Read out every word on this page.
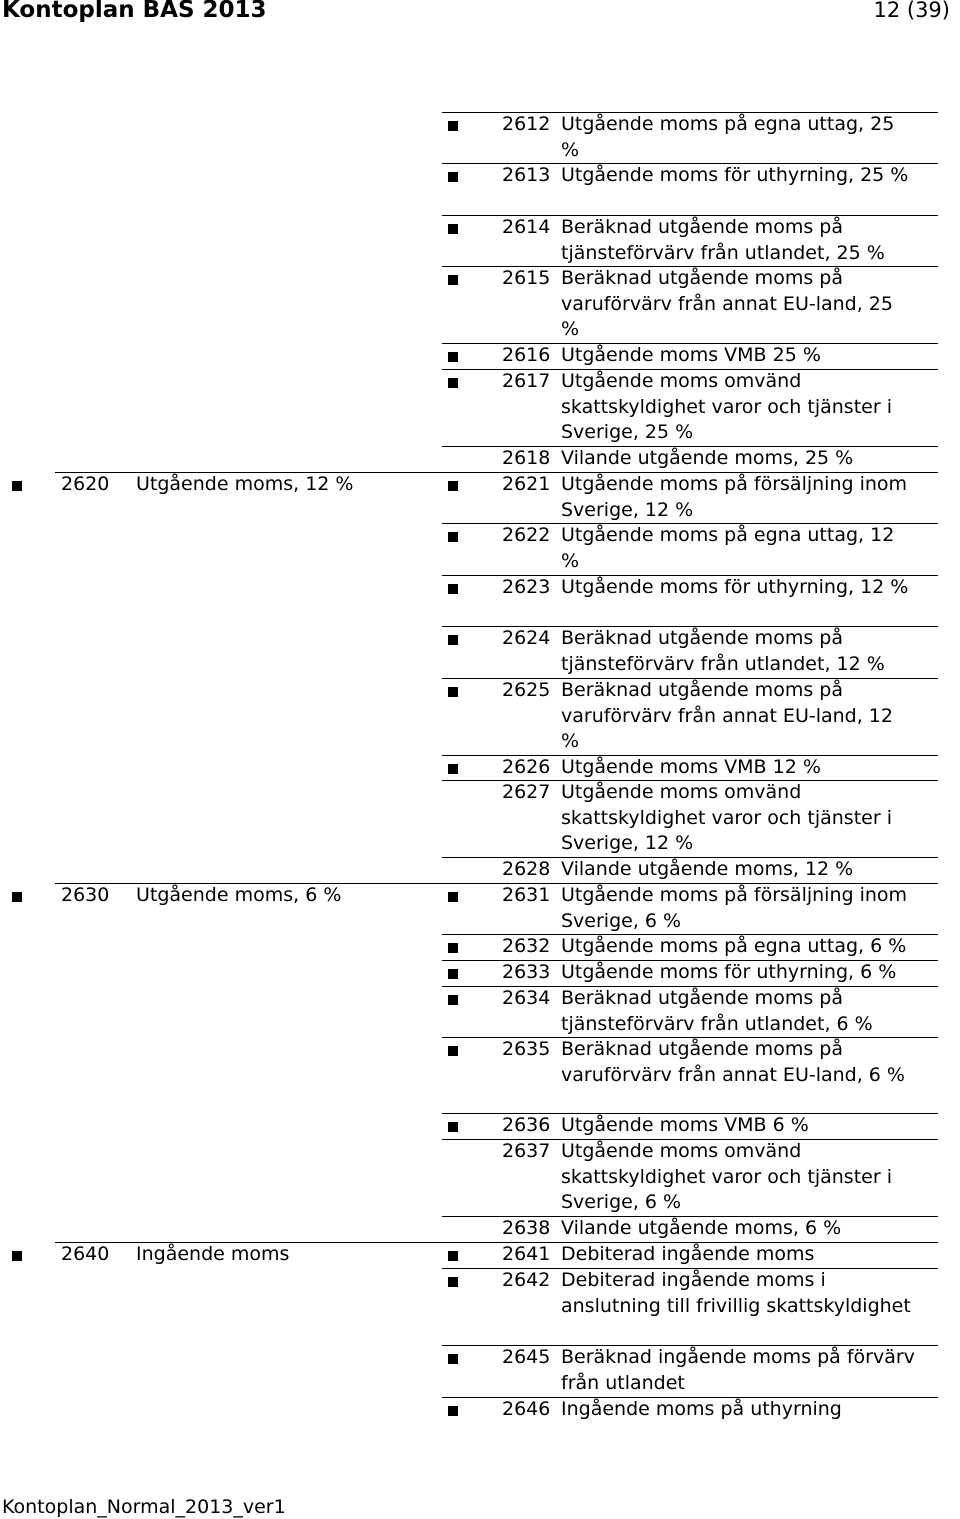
Kontoplan BAS 2013	12 (39)
2612 Utgående moms på egna uttag, 25
%
2613 Utgående moms för uthyrning, 25 %
2614 Beräknad utgående moms på
tjänsteförvärv från utlandet, 25 %
2615 Beräknad utgående moms på
varuförvärv från annat EU-land, 25
%
2616 Utgående moms VMB 25 %
2617 Utgående moms omvänd
skattskyldighet varor och tjänster i
Sverige, 25 %
2618 Vilande utgående moms, 25 %
2620 Utgående moms, 12 %	2621 Utgående moms på försäljning inom
Sverige, 12 %
2622 Utgående moms på egna uttag, 12
%
2623 Utgående moms för uthyrning, 12 %
2624 Beräknad utgående moms på
tjänsteförvärv från utlandet, 12 %
2625 Beräknad utgående moms på
varuförvärv från annat EU-land, 12
%
2626 Utgående moms VMB 12 %
2627 Utgående moms omvänd
skattskyldighet varor och tjänster i
Sverige, 12 %
2628 Vilande utgående moms, 12 %
2630 Utgående moms, 6 %	2631 Utgående moms på försäljning inom
Sverige, 6 %
2632 Utgående moms på egna uttag, 6 %
2633 Utgående moms för uthyrning, 6 %
2634 Beräknad utgående moms på
tjänsteförvärv från utlandet, 6 %
2635 Beräknad utgående moms på
varuförvärv från annat EU-land, 6 %
2636 Utgående moms VMB 6 %
2637 Utgående moms omvänd
skattskyldighet varor och tjänster i
Sverige, 6 %
2638 Vilande utgående moms, 6 %
2640 Ingående moms	2641 Debiterad ingående moms
2642 Debiterad ingående moms i
anslutning till frivillig skattskyldighet
2645 Beräknad ingående moms på förvärv
från utlandet
2646 Ingående moms på uthyrning
Kontoplan_Normal_2013_ver1
